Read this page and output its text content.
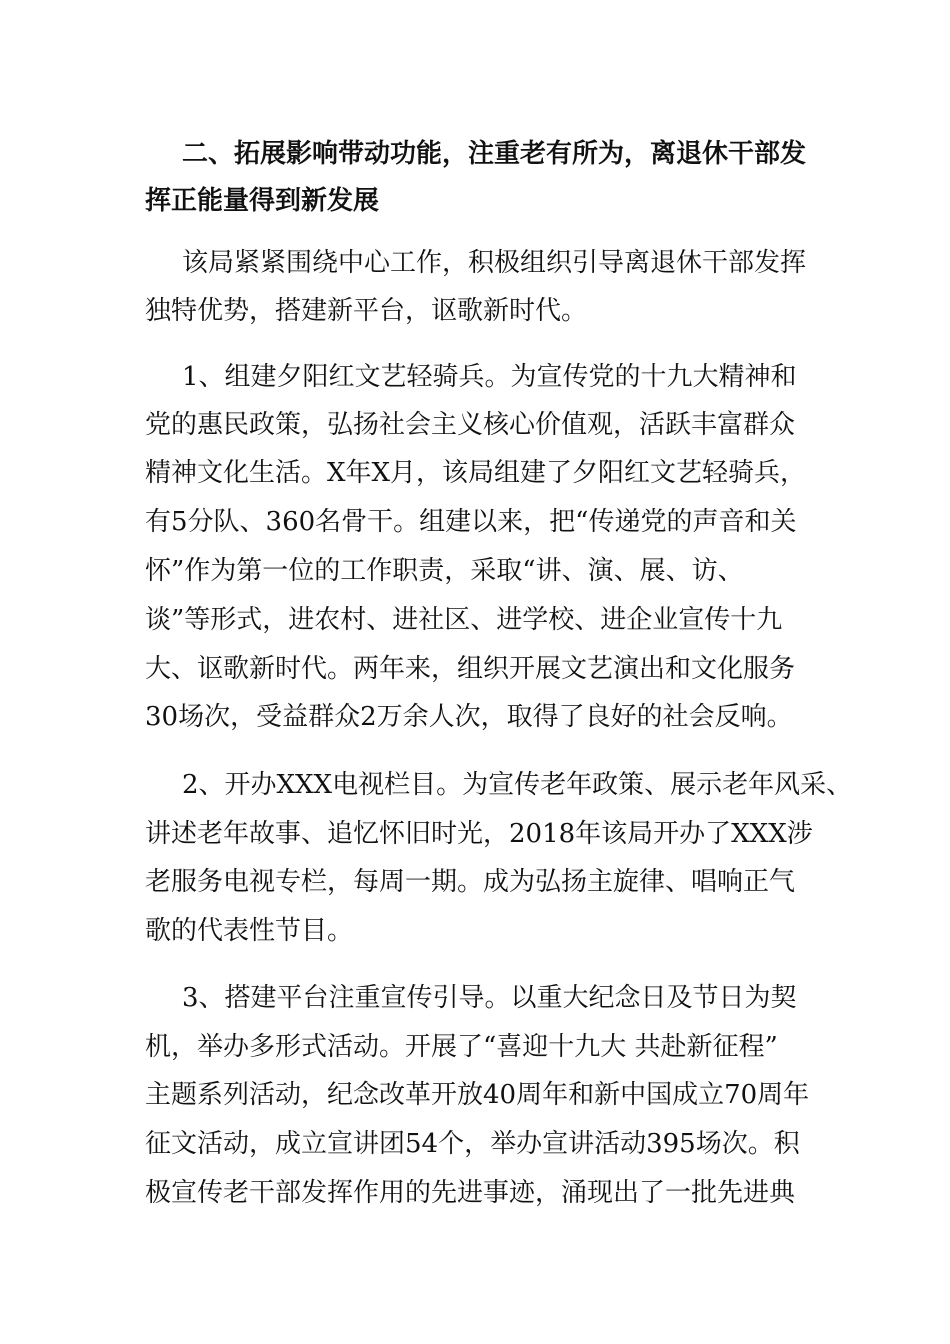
二、拓展影响带动功能，注重老有所为，离退休干部发
挥正能量得到新发展
该局紧紧围绕中心工作，积极组织引导离退休干部发挥
独特优势，搭建新平台，讴歌新时代。
1、组建夕阳红文艺轻骑兵。为宣传党的十九大精神和
党的惠民政策，弘扬社会主义核心价值观，活跃丰富群众
精神文化生活。X年X月，该局组建了夕阳红文艺轻骑兵，
有5分队、360名骨干。组建以来，把“传递党的声音和关
怀”作为第一位的工作职责，采取“讲、演、展、访、
谈”等形式，进农村、进社区、进学校、进企业宣传十九
大、讴歌新时代。两年来，组织开展文艺演出和文化服务
30场次，受益群众2万余人次，取得了良好的社会反响。
2、开办XXX电视栏目。为宣传老年政策、展示老年风采、
讲述老年故事、追忆怀旧时光，2018年该局开办了XXX涉
老服务电视专栏，每周一期。成为弘扬主旋律、唱响正气
歌的代表性节目。
3、搭建平台注重宣传引导。以重大纪念日及节日为契
机，举办多形式活动。开展了“喜迎十九大 共赴新征程”
主题系列活动，纪念改革开放40周年和新中国成立70周年
征文活动，成立宣讲团54个，举办宣讲活动395场次。积
极宣传老干部发挥作用的先进事迹，涌现出了一批先进典
